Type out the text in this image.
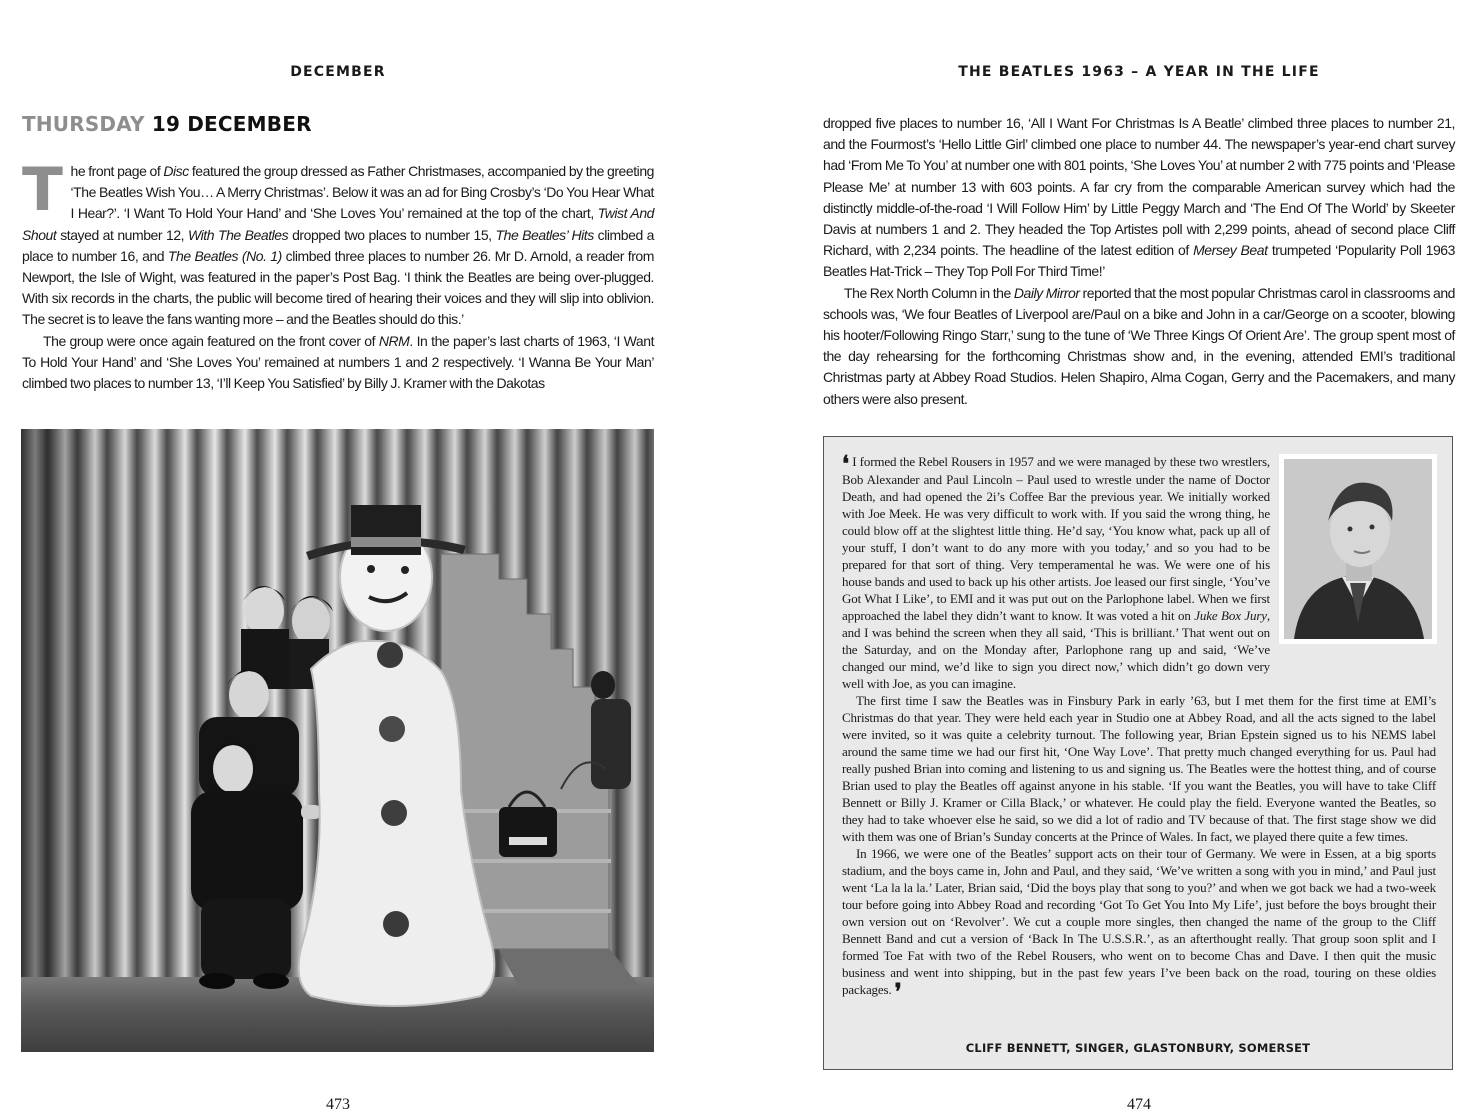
DECEMBER
THURSDAY 19 DECEMBER

The front page of Disc featured the group dressed as Father Christmases, accompanied by the greeting ‘The Beatles Wish You… A Merry Christmas’. Below it was an ad for Bing Crosby’s ‘Do You Hear What I Hear?’. ‘I Want To Hold Your Hand’ and ‘She Loves You’ remained at the top of the chart, Twist And Shout stayed at number 12, With The Beatles dropped two places to number 15, The Beatles’ Hits climbed a place to number 16, and The Beatles (No. 1) climbed three places to number 26. Mr D. Arnold, a reader from Newport, the Isle of Wight, was featured in the paper’s Post Bag. ‘I think the Beatles are being over-plugged. With six records in the charts, the public will become tired of hearing their voices and they will slip into oblivion. The secret is to leave the fans wanting more – and the Beatles should do this.’

The group were once again featured on the front cover of NRM. In the paper’s last charts of 1963, ‘I Want To Hold Your Hand’ and ‘She Loves You’ remained at numbers 1 and 2 respectively. ‘I Wanna Be Your Man’ climbed two places to number 13, ‘I’ll Keep You Satisfied’ by Billy J. Kramer with the Dakotas

473
THE BEATLES 1963 – A YEAR IN THE LIFE

dropped five places to number 16, ‘All I Want For Christmas Is A Beatle’ climbed three places to number 21, and the Fourmost’s ‘Hello Little Girl’ climbed one place to number 44. The newspaper’s year-end chart survey had ‘From Me To You’ at number one with 801 points, ‘She Loves You’ at number 2 with 775 points and ‘Please Please Me’ at number 13 with 603 points. A far cry from the comparable American survey which had the distinctly middle-of-the-road ‘I Will Follow Him’ by Little Peggy March and ‘The End Of The World’ by Skeeter Davis at numbers 1 and 2. They headed the Top Artistes poll with 2,299 points, ahead of second place Cliff Richard, with 2,234 points. The headline of the latest edition of Mersey Beat trumpeted ‘Popularity Poll 1963 Beatles Hat-Trick – They Top Poll For Third Time!’

The Rex North Column in the Daily Mirror reported that the most popular Christmas carol in classrooms and schools was, ‘We four Beatles of Liverpool are/Paul on a bike and John in a car/George on a scooter, blowing his hooter/Following Ringo Starr,’ sung to the tune of ‘We Three Kings Of Orient Are’. The group spent most of the day rehearsing for the forthcoming Christmas show and, in the evening, attended EMI’s traditional Christmas party at Abbey Road Studios. Helen Shapiro, Alma Cogan, Gerry and the Pacemakers, and many others were also present.

❛ I formed the Rebel Rousers in 1957 and we were managed by these two wrestlers, Bob Alexander and Paul Lincoln – Paul used to wrestle under the name of Doctor Death, and had opened the 2i’s Coffee Bar the previous year. We initially worked with Joe Meek. He was very difficult to work with. If you said the wrong thing, he could blow off at the slightest little thing. He’d say, ‘You know what, pack up all of your stuff, I don’t want to do any more with you today,’ and so you had to be prepared for that sort of thing. Very temperamental he was. We were one of his house bands and used to back up his other artists. Joe leased our first single, ‘You’ve Got What I Like’, to EMI and it was put out on the Parlophone label. When we first approached the label they didn’t want to know. It was voted a hit on Juke Box Jury, and I was behind the screen when they all said, ‘This is brilliant.’ That went out on the Saturday, and on the Monday after, Parlophone rang up and said, ‘We’ve changed our mind, we’d like to sign you direct now,’ which didn’t go down very well with Joe, as you can imagine.

The first time I saw the Beatles was in Finsbury Park in early ’63, but I met them for the first time at EMI’s Christmas do that year. They were held each year in Studio one at Abbey Road, and all the acts signed to the label were invited, so it was quite a celebrity turnout. The following year, Brian Epstein signed us to his NEMS label around the same time we had our first hit, ‘One Way Love’. That pretty much changed everything for us. Paul had really pushed Brian into coming and listening to us and signing us. The Beatles were the hottest thing, and of course Brian used to play the Beatles off against anyone in his stable. ‘If you want the Beatles, you will have to take Cliff Bennett or Billy J. Kramer or Cilla Black,’ or whatever. He could play the field. Everyone wanted the Beatles, so they had to take whoever else he said, so we did a lot of radio and TV because of that. The first stage show we did with them was one of Brian’s Sunday concerts at the Prince of Wales. In fact, we played there quite a few times.

In 1966, we were one of the Beatles’ support acts on their tour of Germany. We were in Essen, at a big sports stadium, and the boys came in, John and Paul, and they said, ‘We’ve written a song with you in mind,’ and Paul just went ‘La la la la.’ Later, Brian said, ‘Did the boys play that song to you?’ and when we got back we had a two-week tour before going into Abbey Road and recording ‘Got To Get You Into My Life’, just before the boys brought their own version out on ‘Revolver’. We cut a couple more singles, then changed the name of the group to the Cliff Bennett Band and cut a version of ‘Back In The U.S.S.R.’, as an afterthought really. That group soon split and I formed Toe Fat with two of the Rebel Rousers, who went on to become Chas and Dave. I then quit the music business and went into shipping, but in the past few years I’ve been back on the road, touring on these oldies packages. ❜

CLIFF BENNETT, SINGER, GLASTONBURY, SOMERSET
474
